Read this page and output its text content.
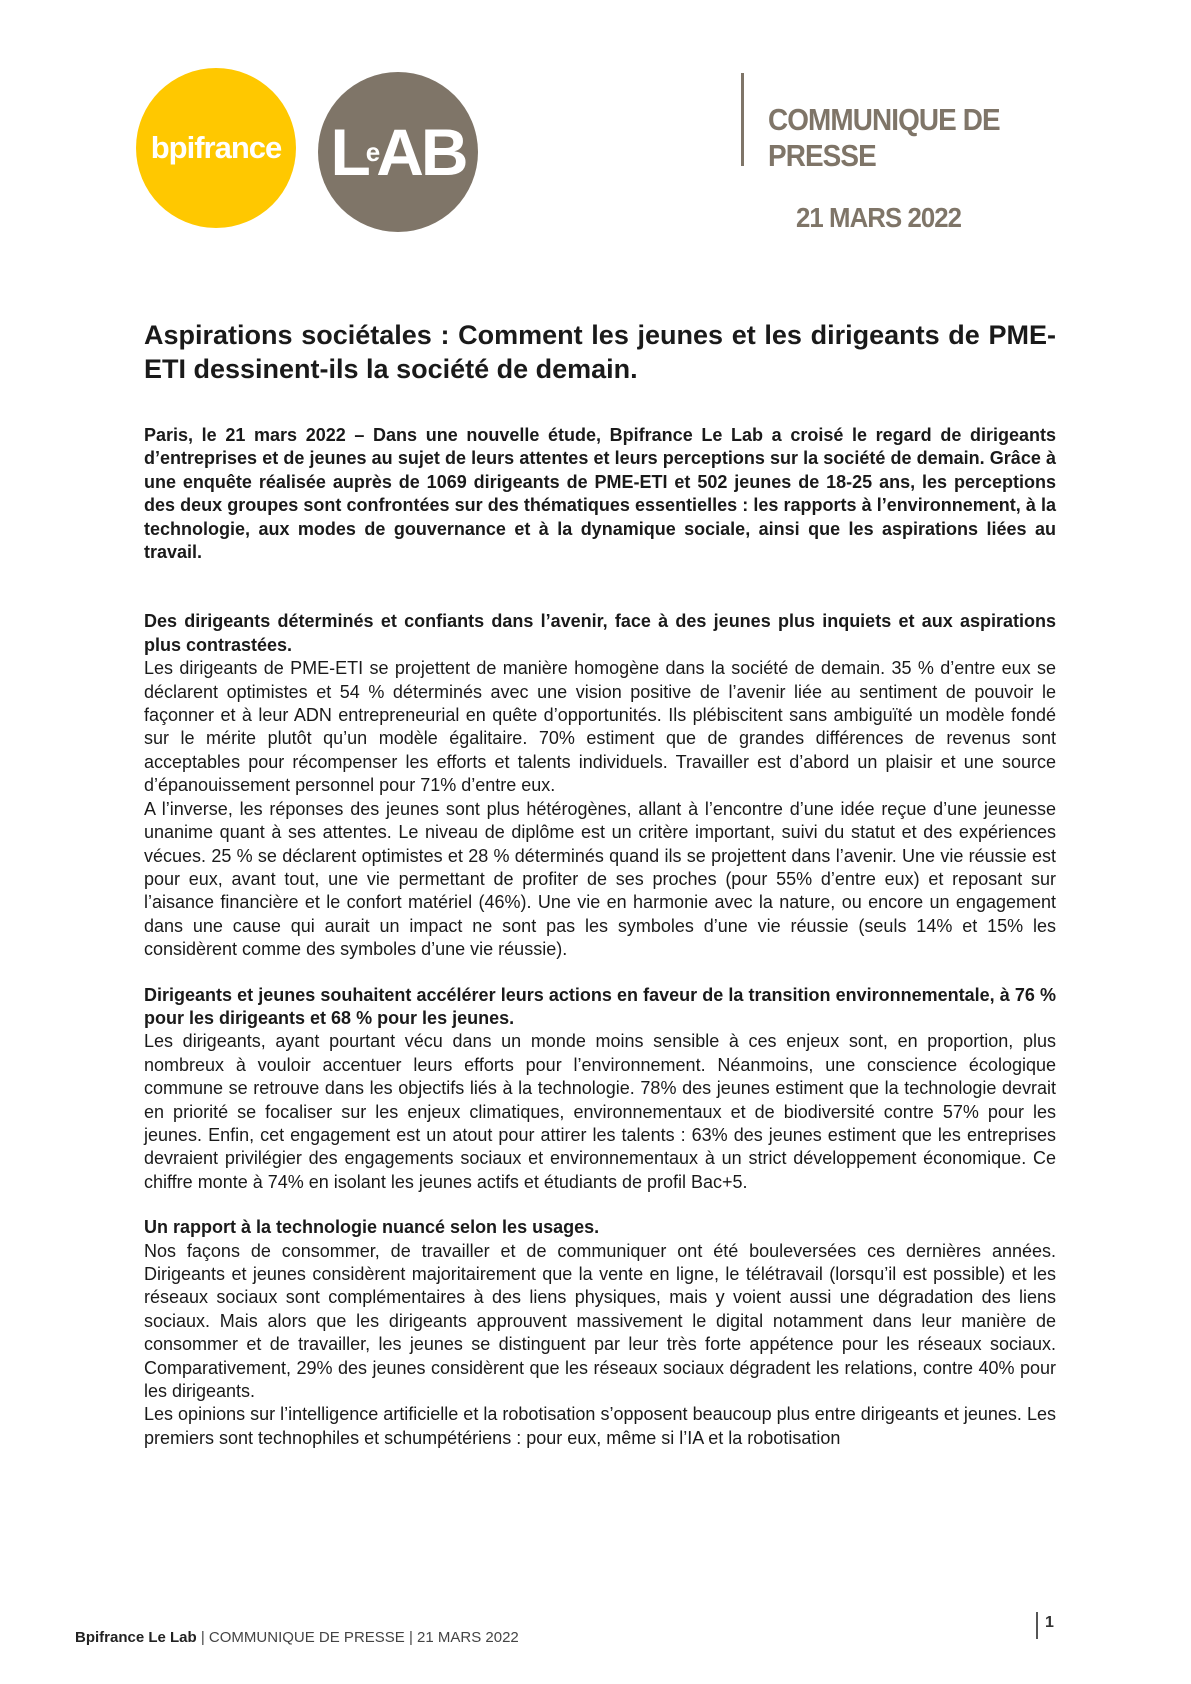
bpifrance L
e
AB	COMMUNIQUE DE PRESSE
21 MARS 2022
Aspirations sociétales : Comment les jeunes et les dirigeants de PME-ETI dessinent-ils la société de demain.

Paris, le 21 mars 2022 – Dans une nouvelle étude, Bpifrance Le Lab a croisé le regard de dirigeants d’entreprises et de jeunes au sujet de leurs attentes et leurs perceptions sur la société de demain. Grâce à une enquête réalisée auprès de 1069 dirigeants de PME-ETI et 502 jeunes de 18-25 ans, les perceptions des deux groupes sont confrontées sur des thématiques essentielles : les rapports à l’environnement, à la technologie, aux modes de gouvernance et à la dynamique sociale, ainsi que les aspirations liées au travail.

Des dirigeants déterminés et confiants dans l’avenir, face à des jeunes plus inquiets et aux aspirations plus contrastées.

Les dirigeants de PME-ETI se projettent de manière homogène dans la société de demain. 35 % d’entre eux se déclarent optimistes et 54 % déterminés avec une vision positive de l’avenir liée au sentiment de pouvoir le façonner et à leur ADN entrepreneurial en quête d’opportunités. Ils plébiscitent sans ambiguïté un modèle fondé sur le mérite plutôt qu’un modèle égalitaire. 70% estiment que de grandes différences de revenus sont acceptables pour récompenser les efforts et talents individuels. Travailler est d’abord un plaisir et une source d’épanouissement personnel pour 71% d’entre eux.

A l’inverse, les réponses des jeunes sont plus hétérogènes, allant à l’encontre d’une idée reçue d’une jeunesse unanime quant à ses attentes. Le niveau de diplôme est un critère important, suivi du statut et des expériences vécues. 25 % se déclarent optimistes et 28 % déterminés quand ils se projettent dans l’avenir. Une vie réussie est pour eux, avant tout, une vie permettant de profiter de ses proches (pour 55% d’entre eux) et reposant sur l’aisance financière et le confort matériel (46%). Une vie en harmonie avec la nature, ou encore un engagement dans une cause qui aurait un impact ne sont pas les symboles d’une vie réussie (seuls 14% et 15% les considèrent comme des symboles d’une vie réussie).

Dirigeants et jeunes souhaitent accélérer leurs actions en faveur de la transition environnementale, à 76 % pour les dirigeants et 68 % pour les jeunes.

Les dirigeants, ayant pourtant vécu dans un monde moins sensible à ces enjeux sont, en proportion, plus nombreux à vouloir accentuer leurs efforts pour l’environnement. Néanmoins, une conscience écologique commune se retrouve dans les objectifs liés à la technologie. 78% des jeunes estiment que la technologie devrait en priorité se focaliser sur les enjeux climatiques, environnementaux et de biodiversité contre 57% pour les jeunes. Enfin, cet engagement est un atout pour attirer les talents : 63% des jeunes estiment que les entreprises devraient privilégier des engagements sociaux et environnementaux à un strict développement économique. Ce chiffre monte à 74% en isolant les jeunes actifs et étudiants de profil Bac+5.

Un rapport à la technologie nuancé selon les usages.

Nos façons de consommer, de travailler et de communiquer ont été bouleversées ces dernières années. Dirigeants et jeunes considèrent majoritairement que la vente en ligne, le télétravail (lorsqu’il est possible) et les réseaux sociaux sont complémentaires à des liens physiques, mais y voient aussi une dégradation des liens sociaux. Mais alors que les dirigeants approuvent massivement le digital notamment dans leur manière de consommer et de travailler, les jeunes se distinguent par leur très forte appétence pour les réseaux sociaux. Comparativement, 29% des jeunes considèrent que les réseaux sociaux dégradent les relations, contre 40% pour les dirigeants.

Les opinions sur l’intelligence artificielle et la robotisation s’opposent beaucoup plus entre dirigeants et jeunes. Les premiers sont technophiles et schumpétériens : pour eux, même si l’IA et la robotisation

Bpifrance Le Lab | COMMUNIQUE DE PRESSE | 21 MARS 2022
1
